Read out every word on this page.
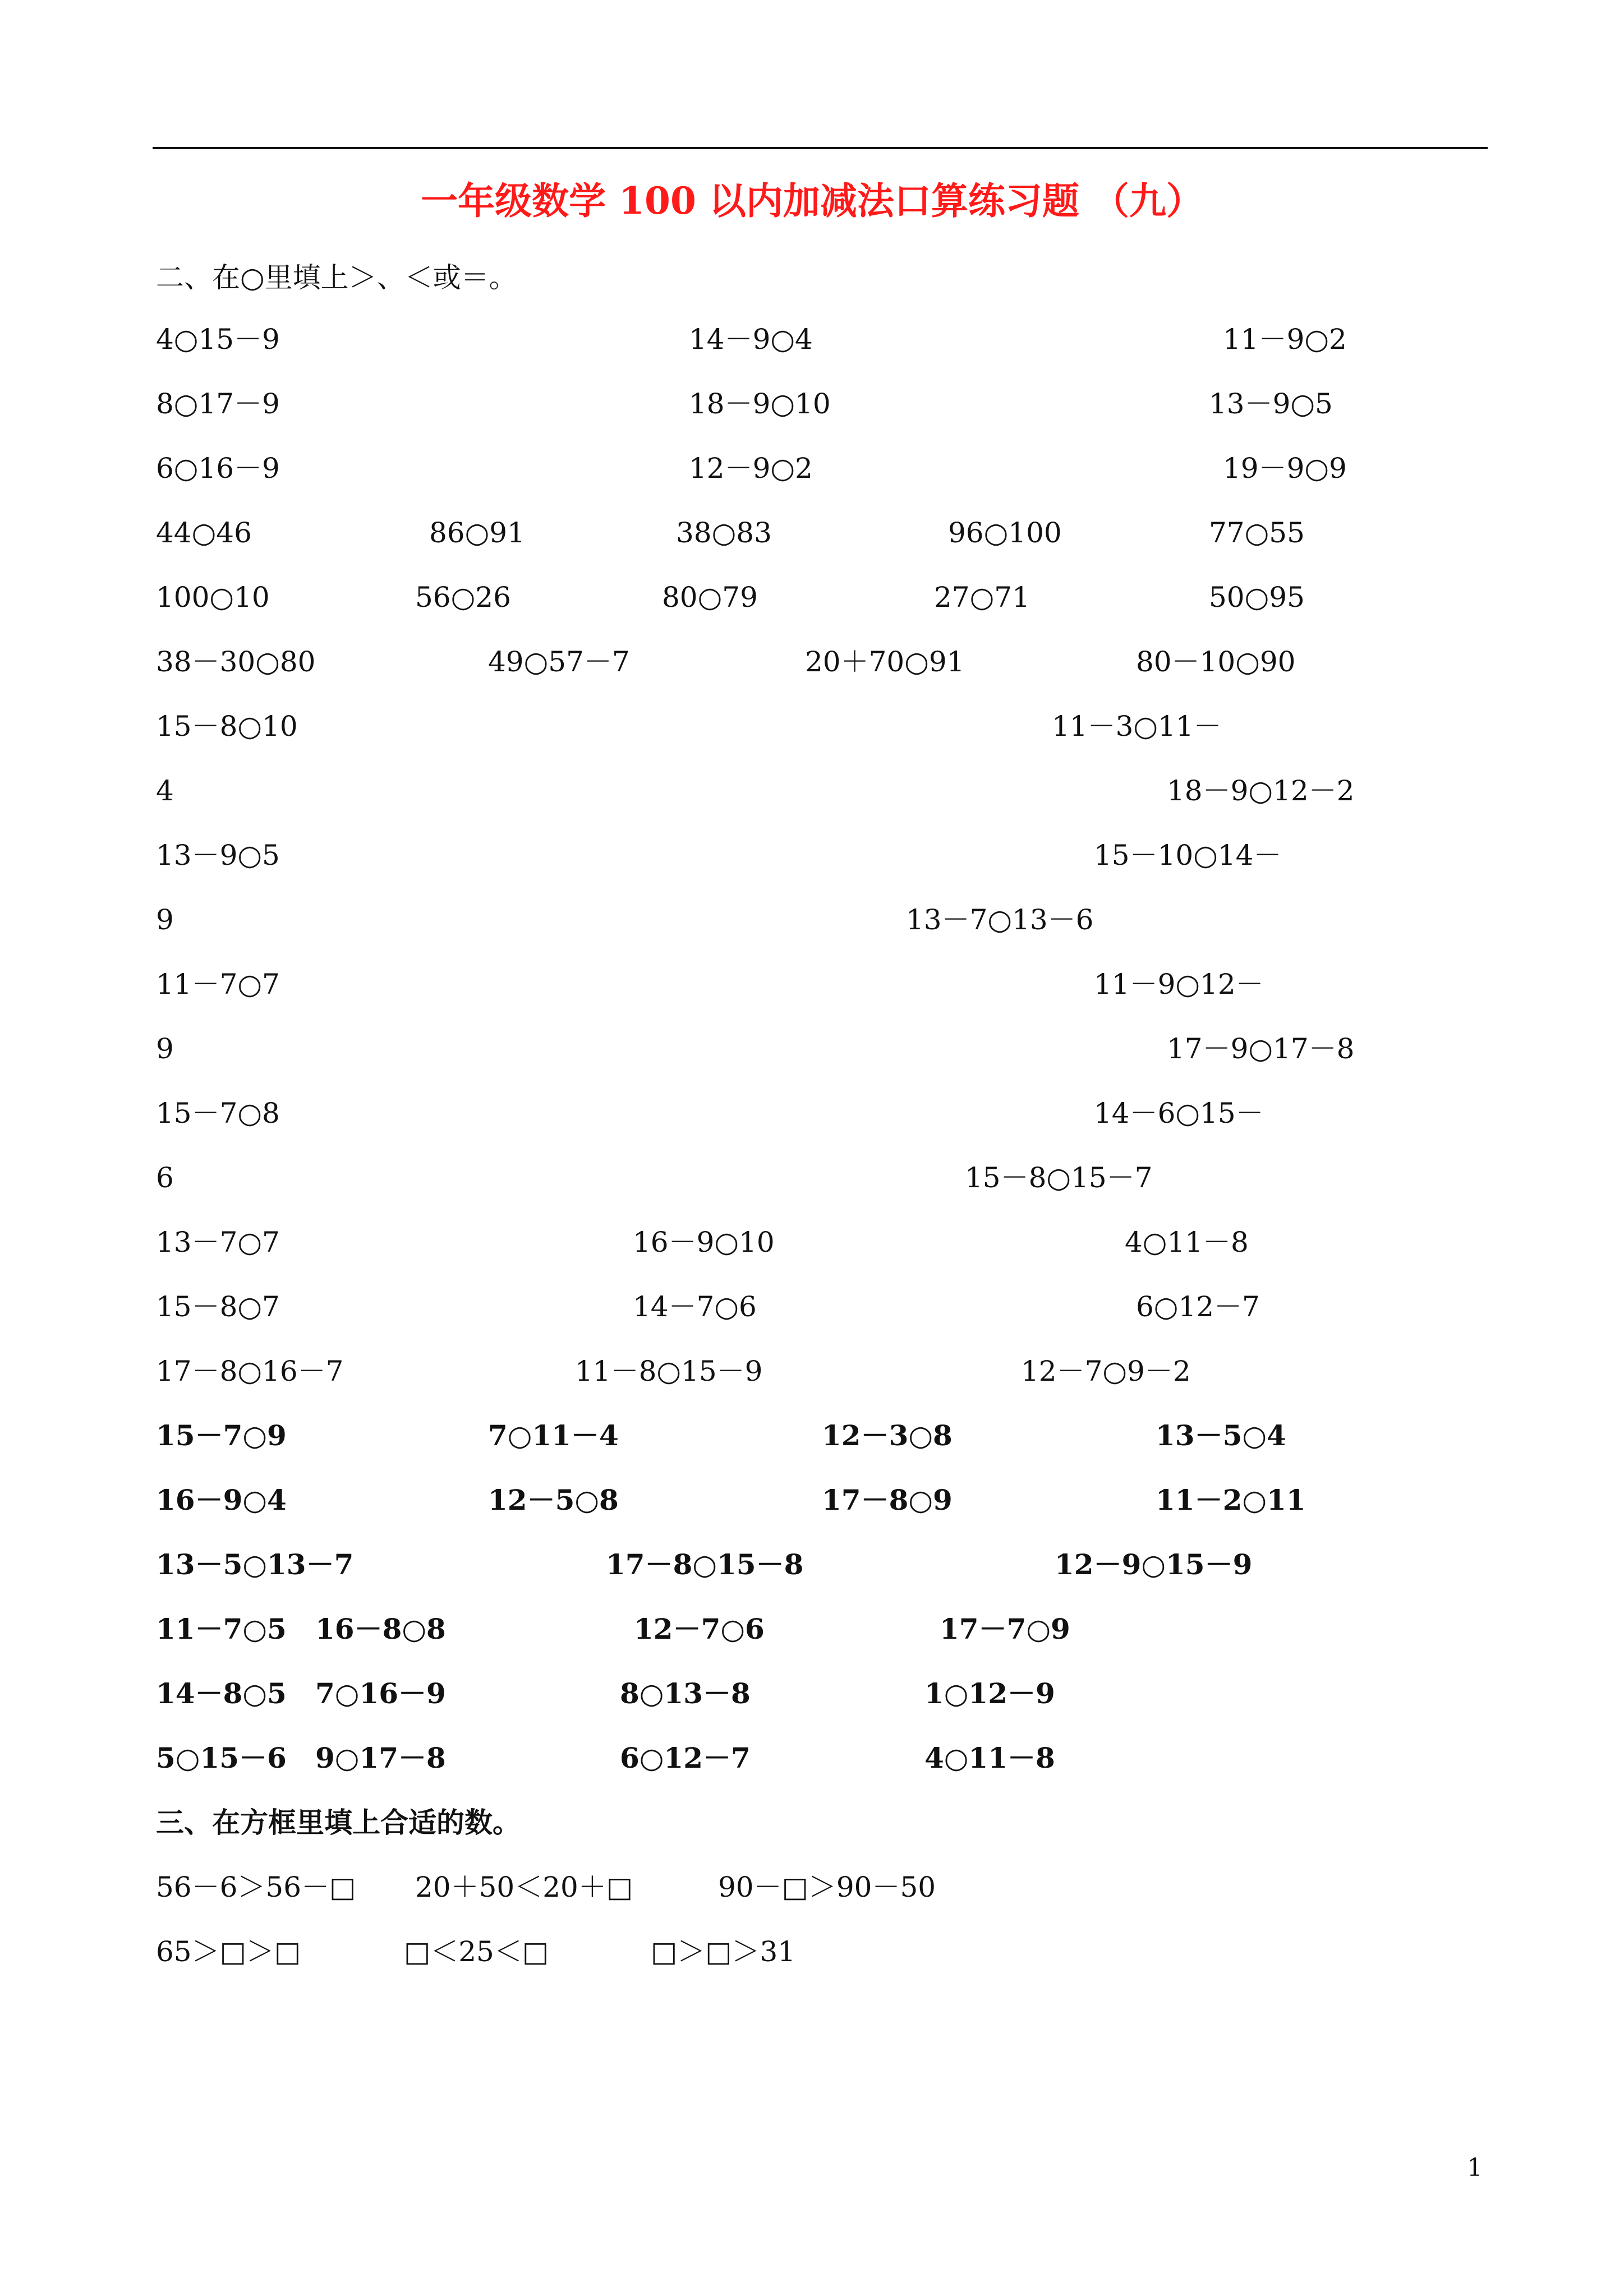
一年级数学 100 以内加减法口算练习题 （九）
二、在○里填上＞、＜或＝。
4○15－9	14－9○4	11－9○2
8○17－9	18－9○10	13－9○5
6○16－9	12－9○2	19－9○9
44○46	86○91	38○83	96○100	77○55
100○10	56○26	80○79	27○71	50○95
38－30○80	49○57－7	20＋70○91	80－10○90
15－8○10	11－3○11－
4	18－9○12－2
13－9○5	15－10○14－
9	13－7○13－6
11－7○7	11－9○12－
9	17－9○17－8
15－7○8	14－6○15－
6	15－8○15－7
13－7○7	16－9○10	4○11－8
15－8○7	14－7○6	6○12－7
17－8○16－7	11－8○15－9	12－7○9－2
15－7○9	7○11－4	12－3○8	13－5○4
16－9○4	12－5○8	17－8○9	11－2○11
13－5○13－7	17－8○15－8	12－9○15－9
11－7○5 16－8○8	12－7○6	17－7○9
14－8○5 7○16－9	8○13－8	1○12－9
5○15－6 9○17－8	6○12－7	4○11－8
三、在方框里填上合适的数。
56－6＞56－□ 20＋50＜20＋□	90－□＞90－50
65＞□＞□	□＜25＜□	□＞□＞31
1
